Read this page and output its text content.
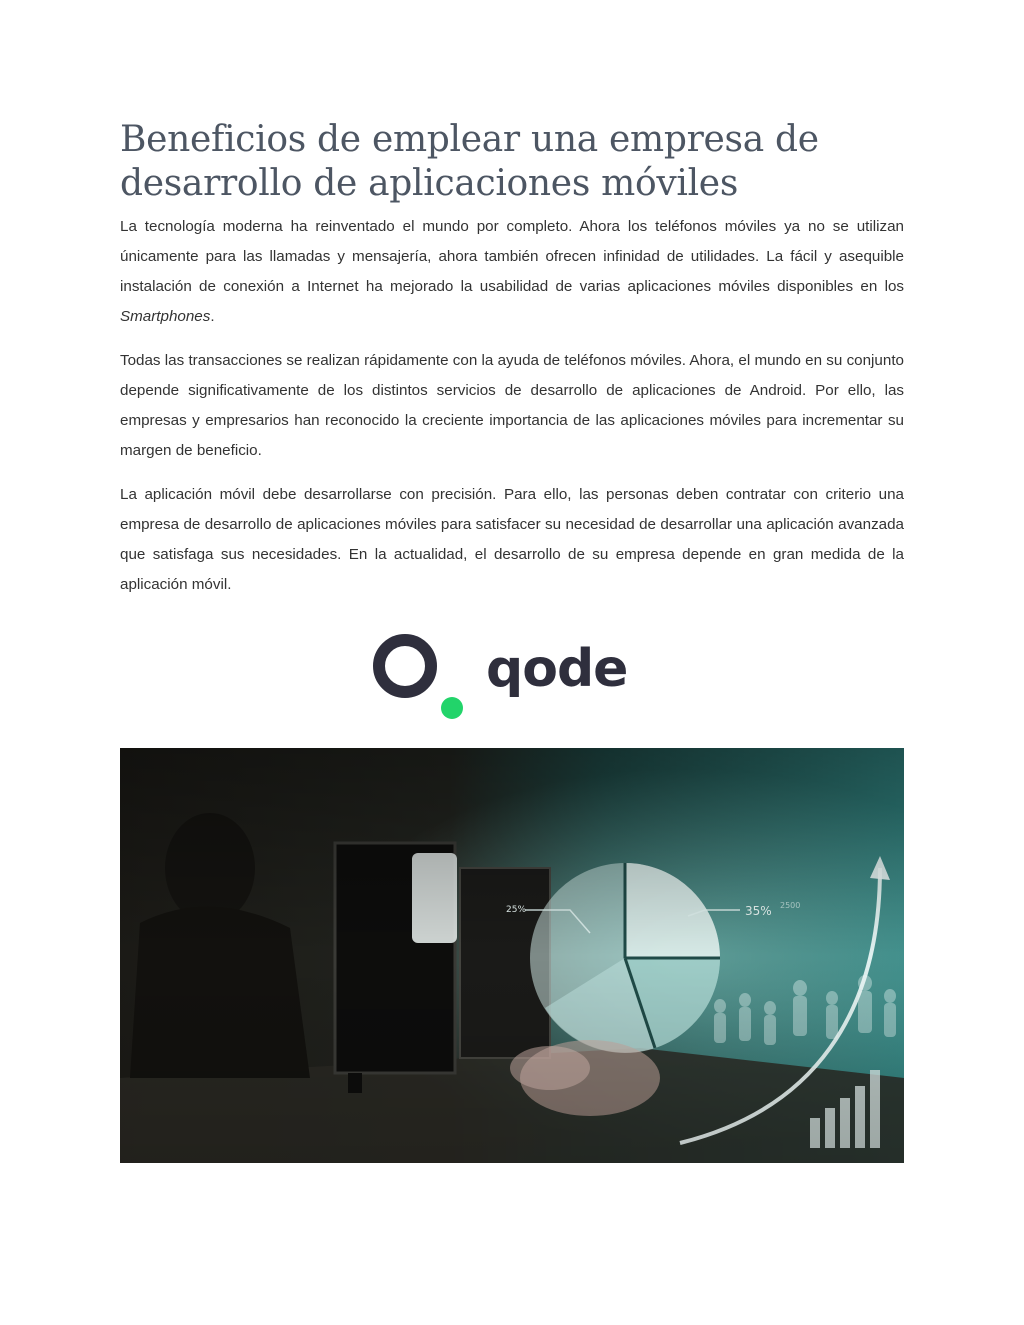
Beneficios de emplear una empresa de desarrollo de aplicaciones móviles

La tecnología moderna ha reinventado el mundo por completo. Ahora los teléfonos móviles ya no se utilizan únicamente para las llamadas y mensajería, ahora también ofrecen infinidad de utilidades. La fácil y asequible instalación de conexión a Internet ha mejorado la usabilidad de varias aplicaciones móviles disponibles en los Smartphones.

Todas las transacciones se realizan rápidamente con la ayuda de teléfonos móviles. Ahora, el mundo en su conjunto depende significativamente de los distintos servicios de desarrollo de aplicaciones de Android. Por ello, las empresas y empresarios han reconocido la creciente importancia de las aplicaciones móviles para incrementar su margen de beneficio.

La aplicación móvil debe desarrollarse con precisión. Para ello, las personas deben contratar con criterio una empresa de desarrollo de aplicaciones móviles para satisfacer su necesidad de desarrollar una aplicación avanzada que satisfaga sus necesidades. En la actualidad, el desarrollo de su empresa depende en gran medida de la aplicación móvil.

qode
